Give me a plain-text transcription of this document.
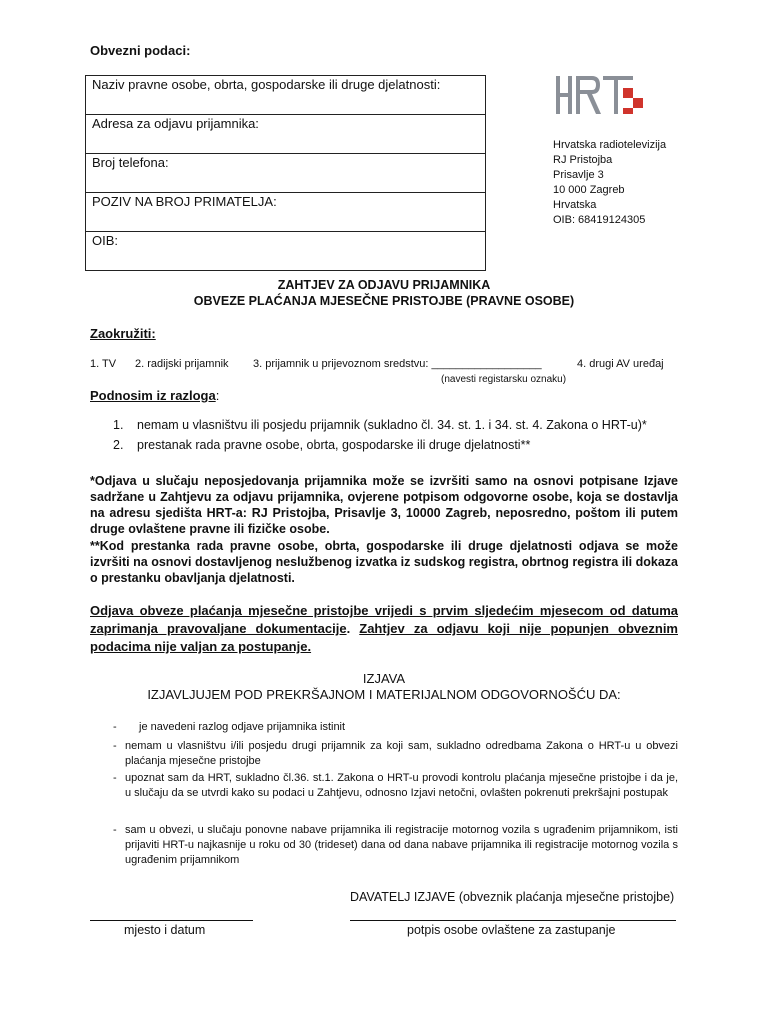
Obvezni podaci:
Naziv pravne osobe, obrta, gospodarske ili druge djelatnosti:

Adresa za odjavu prijamnika:

Broj telefona:

POZIV NA BROJ PRIMATELJA:

OIB:
Hrvatska radiotelevizija
RJ Pristojba
Prisavlje 3
10 000 Zagreb
Hrvatska
OIB: 68419124305
ZAHTJEV ZA ODJAVU PRIJAMNIKA
OBVEZE PLAĆANJA MJESEČNE PRISTOJBE (PRAVNE OSOBE)
Zaokružiti:
1. TV 2. radijski prijamnik 3. prijamnik u prijevoznom sredstvu: __________________	4. drugi AV uređaj
(navesti registarsku oznaku)
Podnosim iz razloga:
1. nemam u vlasništvu ili posjedu prijamnik (sukladno čl. 34. st. 1. i 34. st. 4. Zakona o HRT-u)*
2. prestanak rada pravne osobe, obrta, gospodarske ili druge djelatnosti**
*Odjava u slučaju neposjedovanja prijamnika može se izvršiti samo na osnovi potpisane Izjave sadržane u Zahtjevu za odjavu prijamnika, ovjerene potpisom odgovorne osobe, koja se dostavlja na adresu sjedišta HRT-a: RJ Pristojba, Prisavlje 3, 10000 Zagreb, neposredno, poštom ili putem druge ovlaštene pravne ili fizičke osobe.
**Kod prestanka rada pravne osobe, obrta, gospodarske ili druge djelatnosti odjava se može izvršiti na osnovi dostavljenog neslužbenog izvatka iz sudskog registra, obrtnog registra ili dokaza o prestanku obavljanja djelatnosti.
Odjava obveze plaćanja mjesečne pristojbe vrijedi s prvim sljedećim mjesecom od datuma zaprimanja pravovaljane dokumentacije. Zahtjev za odjavu koji nije popunjen obveznim podacima nije valjan za postupanje.
IZJAVA
IZJAVLJUJEM POD PREKRŠAJNOM I MATERIJALNOM ODGOVORNOŠĆU DA:
- je navedeni razlog odjave prijamnika istinit
- nemam u vlasništvu i/ili posjedu drugi prijamnik za koji sam, sukladno odredbama Zakona o HRT-u u obvezi plaćanja mjesečne pristojbe
- upoznat sam da HRT, sukladno čl.36. st.1. Zakona o HRT-u provodi kontrolu plaćanja mjesečne pristojbe i da je, u slučaju da se utvrdi kako su podaci u Zahtjevu, odnosno Izjavi netočni, ovlašten pokrenuti prekršajni postupak
- sam u obvezi, u slučaju ponovne nabave prijamnika ili registracije motornog vozila s ugrađenim prijamnikom, isti prijaviti HRT-u najkasnije u roku od 30 (trideset) dana od dana nabave prijamnika ili registracije motornog vozila s ugrađenim prijamnikom
DAVATELJ IZJAVE (obveznik plaćanja mjesečne pristojbe)
mjesto i datum	potpis osobe ovlaštene za zastupanje
